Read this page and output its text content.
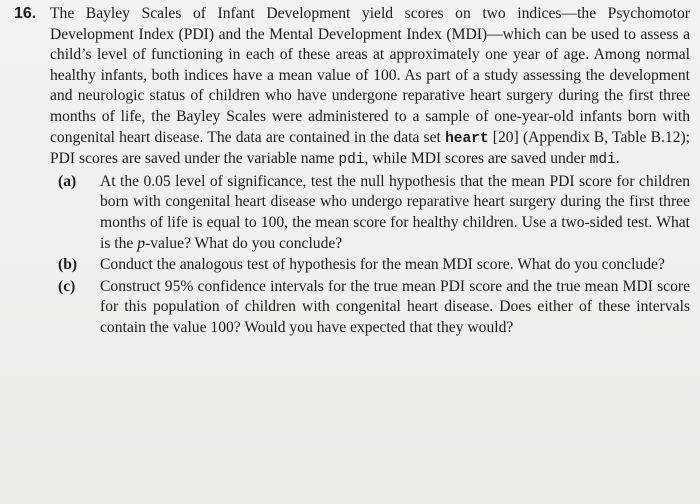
16. The Bayley Scales of Infant Development yield scores on two indices—the Psychomotor Development Index (PDI) and the Mental Development Index (MDI)—which can be used to assess a child’s level of functioning in each of these areas at approximately one year of age. Among normal healthy infants, both indices have a mean value of 100. As part of a study assessing the development and neurologic status of children who have undergone reparative heart surgery during the first three months of life, the Bayley Scales were administered to a sample of one-year-old infants born with congenital heart disease. The data are contained in the data set heart [20] (Appendix B, Table B.12); PDI scores are saved under the variable name pdi, while MDI scores are saved under mdi.
(a) At the 0.05 level of significance, test the null hypothesis that the mean PDI score for children born with congenital heart disease who undergo reparative heart surgery during the first three months of life is equal to 100, the mean score for healthy children. Use a two-sided test. What is the p-value? What do you conclude?
(b) Conduct the analogous test of hypothesis for the mean MDI score. What do you conclude?
(c) Construct 95% confidence intervals for the true mean PDI score and the true mean MDI score for this population of children with congenital heart disease. Does either of these intervals contain the value 100? Would you have expected that they would?
